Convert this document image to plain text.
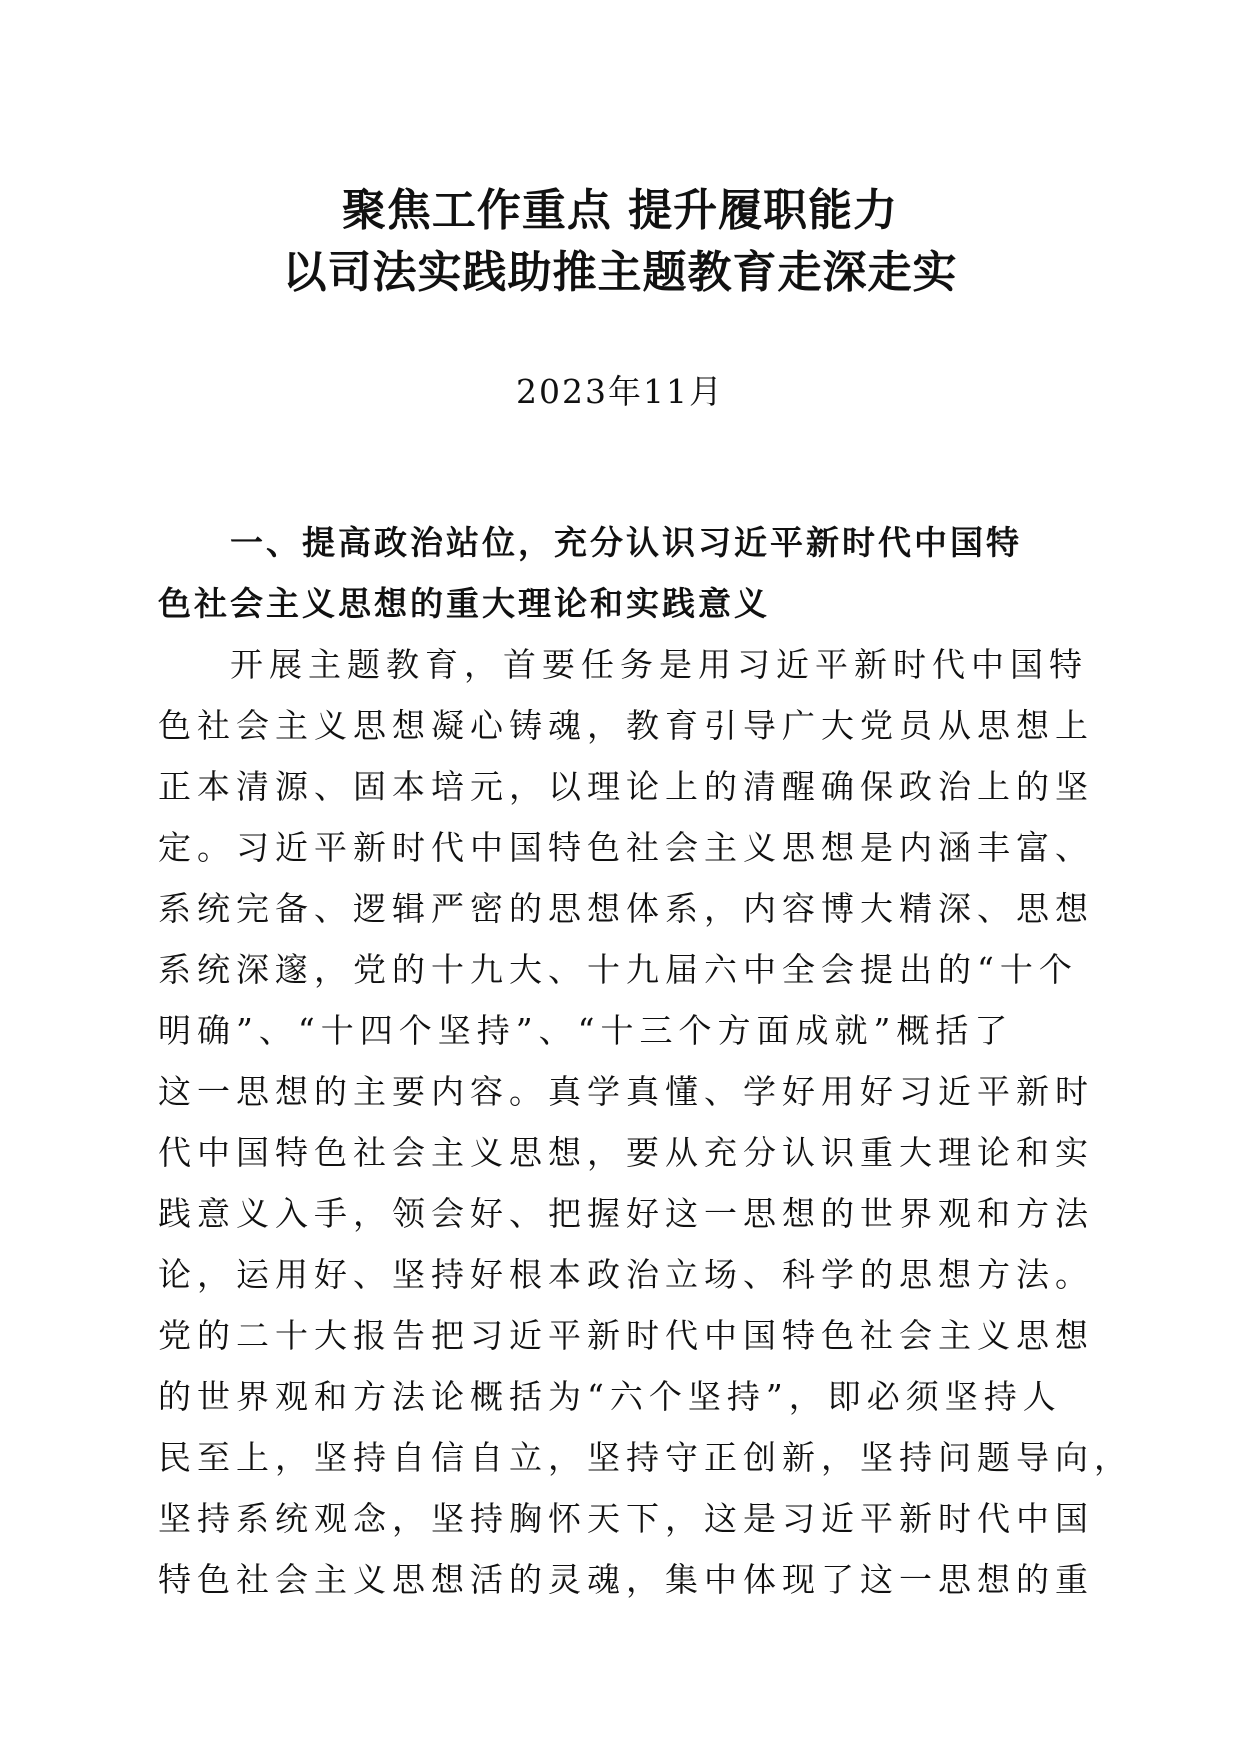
聚焦工作重点 提升履职能力
以司法实践助推主题教育走深走实
2023年11月
一、提高政治站位，充分认识习近平新时代中国特
色社会主义思想的重大理论和实践意义
开展主题教育，首要任务是用习近平新时代中国特
色社会主义思想凝心铸魂，教育引导广大党员从思想上
正本清源、固本培元，以理论上的清醒确保政治上的坚
定。习近平新时代中国特色社会主义思想是内涵丰富、
系统完备、逻辑严密的思想体系，内容博大精深、思想
系统深邃，党的十九大、十九届六中全会提出的“十个
明确”、“十四个坚持”、“十三个方面成就”概括了
这一思想的主要内容。真学真懂、学好用好习近平新时
代中国特色社会主义思想，要从充分认识重大理论和实
践意义入手，领会好、把握好这一思想的世界观和方法
论，运用好、坚持好根本政治立场、科学的思想方法。
党的二十大报告把习近平新时代中国特色社会主义思想
的世界观和方法论概括为“六个坚持”，即必须坚持人
民至上，坚持自信自立，坚持守正创新，坚持问题导向，
坚持系统观念，坚持胸怀天下，这是习近平新时代中国
特色社会主义思想活的灵魂，集中体现了这一思想的重
